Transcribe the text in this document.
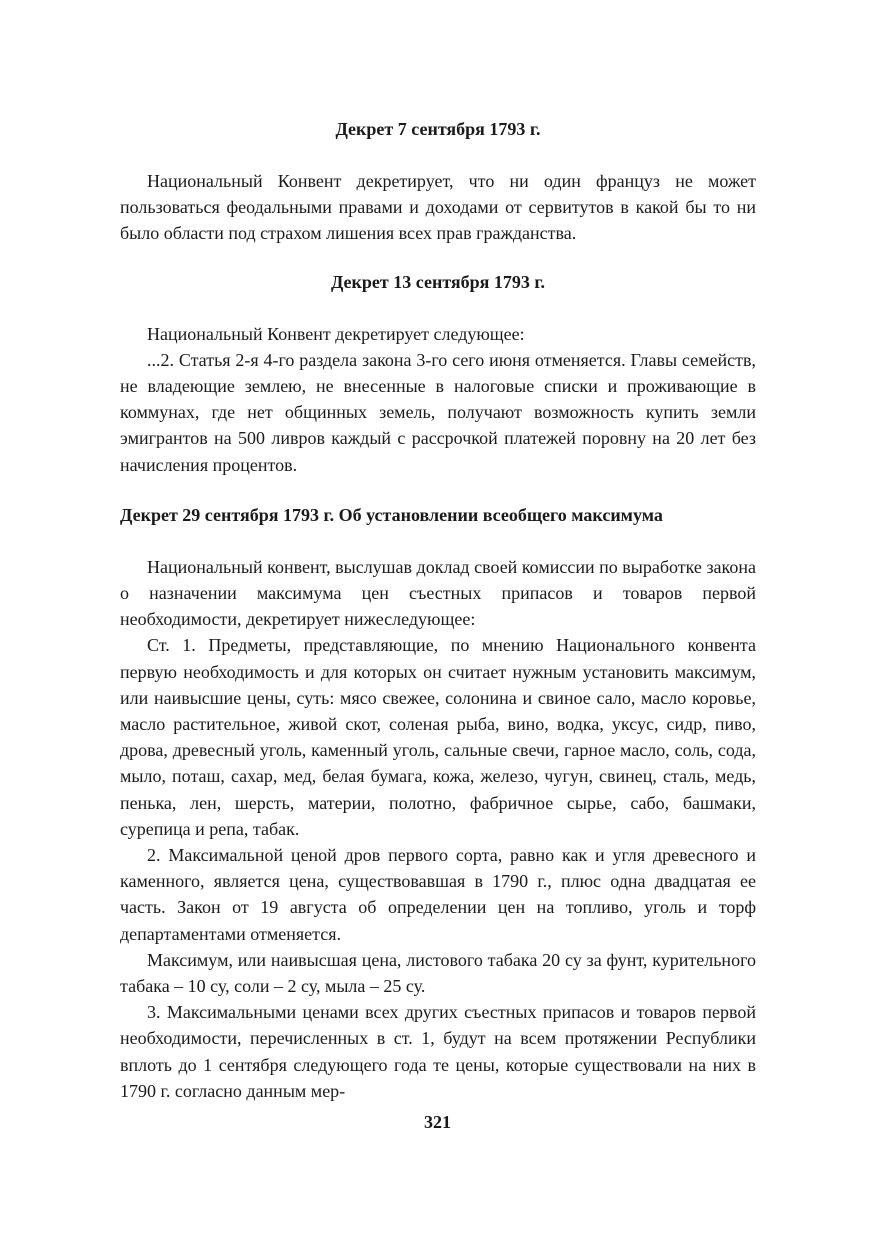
Декрет 7 сентября 1793 г.

Национальный Конвент декретирует, что ни один француз не может пользоваться феодальными правами и доходами от сервитутов в какой бы то ни было области под страхом лишения всех прав гражданства.

Декрет 13 сентября 1793 г.

Национальный Конвент декретирует следующее:

...2. Статья 2-я 4-го раздела закона 3-го сего июня отменяется. Главы семейств, не владеющие землею, не внесенные в налоговые списки и проживающие в коммунах, где нет общинных земель, получают возможность купить земли эмигрантов на 500 ливров каждый с рассрочкой платежей поровну на 20 лет без начисления процентов.

Декрет 29 сентября 1793 г. Об установлении всеобщего максимума

Национальный конвент, выслушав доклад своей комиссии по выработке закона о назначении максимума цен съестных припасов и товаров первой необходимости, декретирует нижеследующее:

Ст. 1. Предметы, представляющие, по мнению Национального конвента первую необходимость и для которых он считает нужным установить максимум, или наивысшие цены, суть: мясо свежее, солонина и свиное сало, масло коровье, масло растительное, живой скот, соленая рыба, вино, водка, уксус, сидр, пиво, дрова, древесный уголь, каменный уголь, сальные свечи, гарное масло, соль, сода, мыло, поташ, сахар, мед, белая бумага, кожа, железо, чугун, свинец, сталь, медь, пенька, лен, шерсть, материи, полотно, фабричное сырье, сабо, башмаки, сурепица и репа, табак.

2. Максимальной ценой дров первого сорта, равно как и угля древесного и каменного, является цена, существовавшая в 1790 г., плюс одна двадцатая ее часть. Закон от 19 августа об определении цен на топливо, уголь и торф департаментами отменяется.

Максимум, или наивысшая цена, листового табака 20 су за фунт, курительного табака – 10 су, соли – 2 су, мыла – 25 су.

3. Максимальными ценами всех других съестных припасов и товаров первой необходимости, перечисленных в ст. 1, будут на всем протяжении Республики вплоть до 1 сентября следующего года те цены, которые существовали на них в 1790 г. согласно данным мер-

321
